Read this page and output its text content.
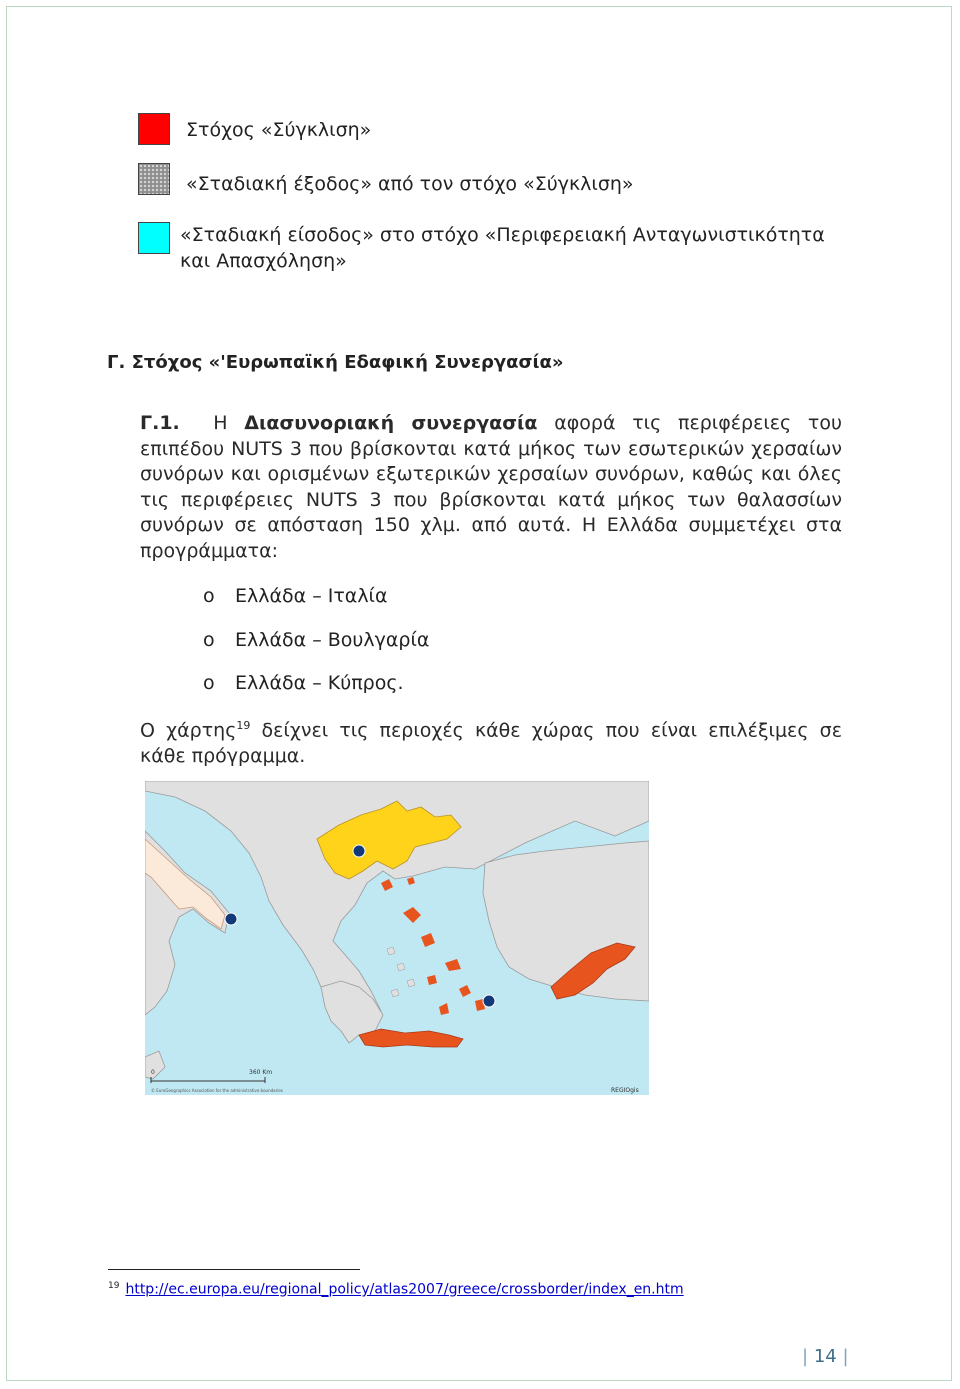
Στόχος «Σύγκλιση»
«Σταδιακή έξοδος» από τον στόχο «Σύγκλιση»
«Σταδιακή είσοδος» στο στόχο «Περιφερειακή Ανταγωνιστικότητα και Απασχόληση»
Γ. Στόχος «'Ευρωπαϊκή Εδαφική Συνεργασία»
Γ.1. Η Διασυνοριακή συνεργασία αφορά τις περιφέρειες του επιπέδου NUTS 3 που βρίσκονται κατά μήκος των εσωτερικών χερσαίων συνόρων και ορισμένων εξωτερικών χερσαίων συνόρων, καθώς και όλες τις περιφέρειες NUTS 3 που βρίσκονται κατά μήκος των θαλασσίων συνόρων σε απόσταση 150 χλμ. από αυτά. Η Ελλάδα συμμετέχει στα προγράμματα:
o Ελλάδα – Ιταλία
o Ελλάδα – Βουλγαρία
o Ελλάδα – Κύπρος.
Ο χάρτης$^{19}$ δείχνει τις περιοχές κάθε χώρας που είναι επιλέξιμες σε κάθε πρόγραμμα.
0	360 Km
© EuroGeographics Association for the administrative boundaries	REGIOgis
$^{19}$ http://ec.europa.eu/regional_policy/atlas2007/greece/crossborder/index_en.htm
| 14 |
